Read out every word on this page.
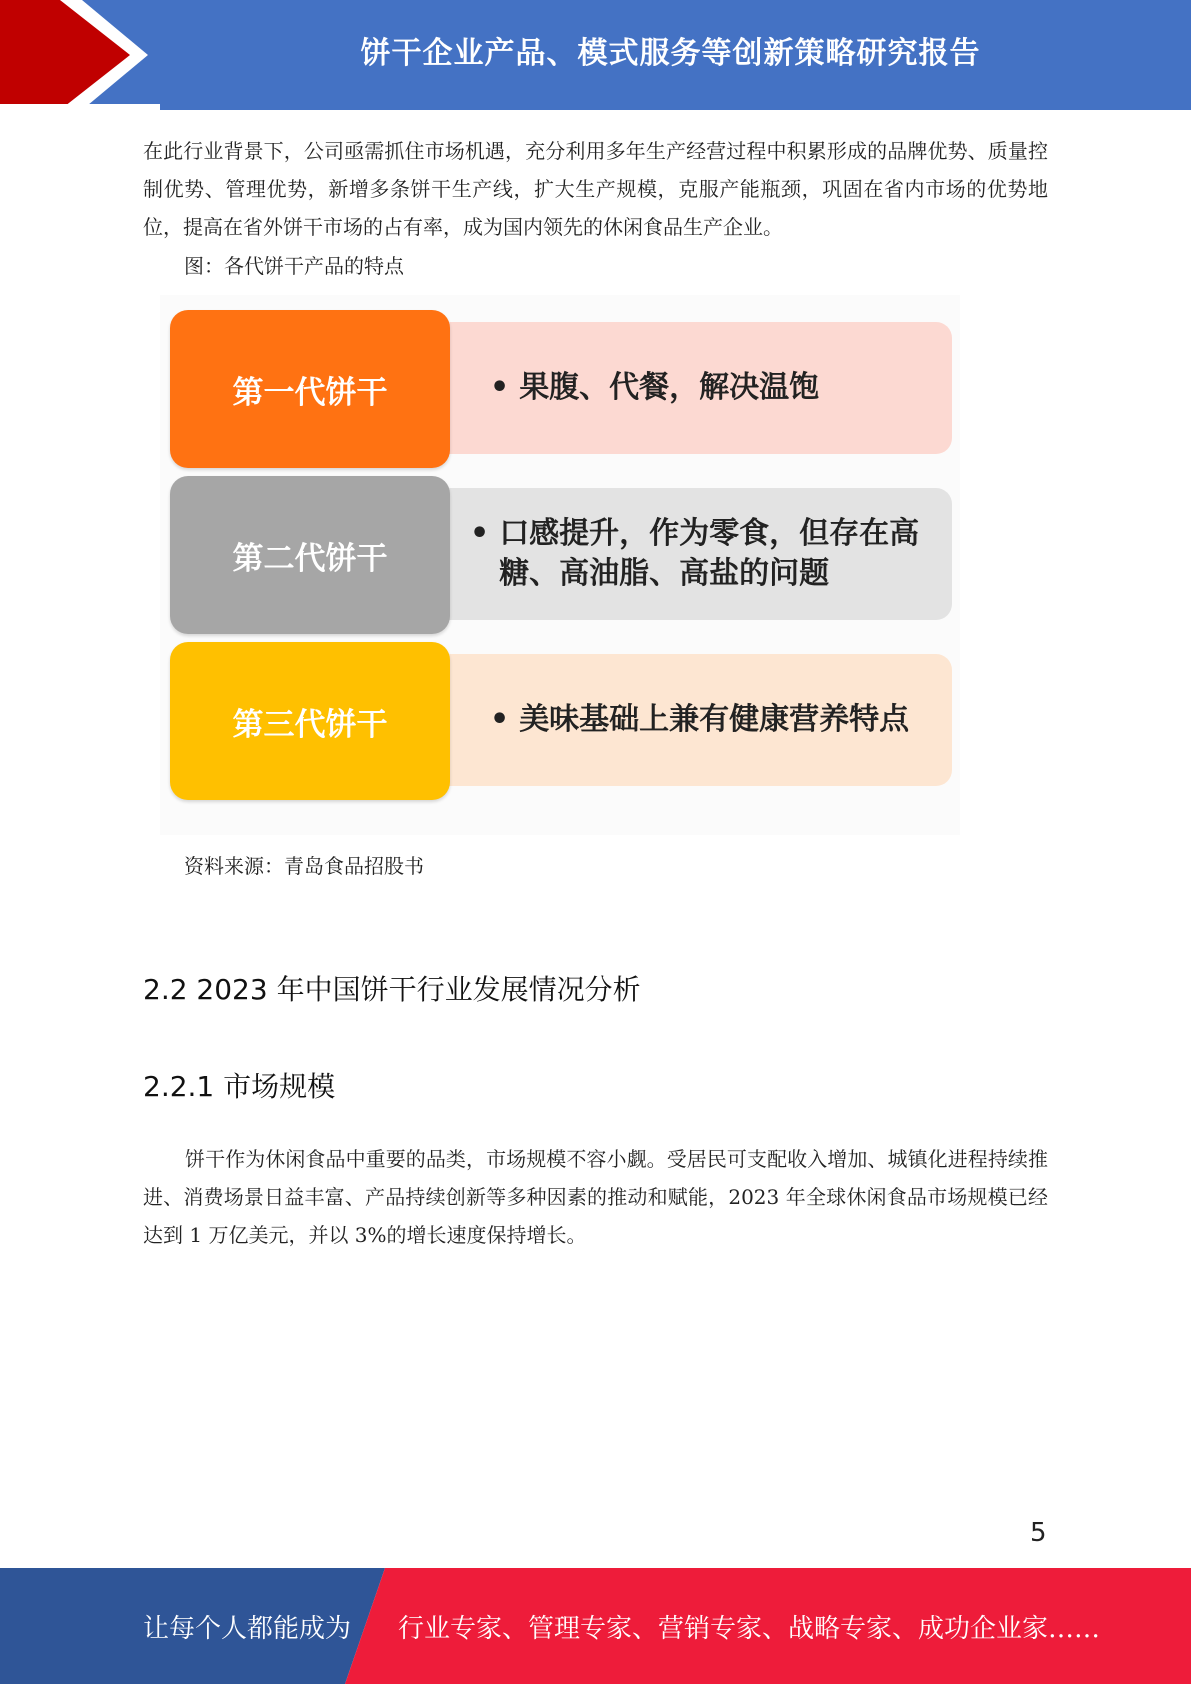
饼干企业产品、模式服务等创新策略研究报告
在此行业背景下，公司亟需抓住市场机遇，充分利用多年生产经营过程中积累形成的品牌优势、质量控制优势、管理优势，新增多条饼干生产线，扩大生产规模，克服产能瓶颈，巩固在省内市场的优势地位，提高在省外饼干市场的占有率，成为国内领先的休闲食品生产企业。
图：各代饼干产品的特点
• 果腹、代餐，解决温饱
第一代饼干
• 口感提升，作为零食，但存在高糖、高油脂、高盐的问题
第二代饼干
• 美味基础上兼有健康营养特点
第三代饼干
资料来源：青岛食品招股书
2.2 2023 年中国饼干行业发展情况分析
2.2.1 市场规模
饼干作为休闲食品中重要的品类，市场规模不容小觑。受居民可支配收入增加、城镇化进程持续推进、消费场景日益丰富、产品持续创新等多种因素的推动和赋能，2023 年全球休闲食品市场规模已经达到 1 万亿美元，并以 3%的增长速度保持增长。
5
让每个人都能成为 行业专家、管理专家、营销专家、战略专家、成功企业家……
